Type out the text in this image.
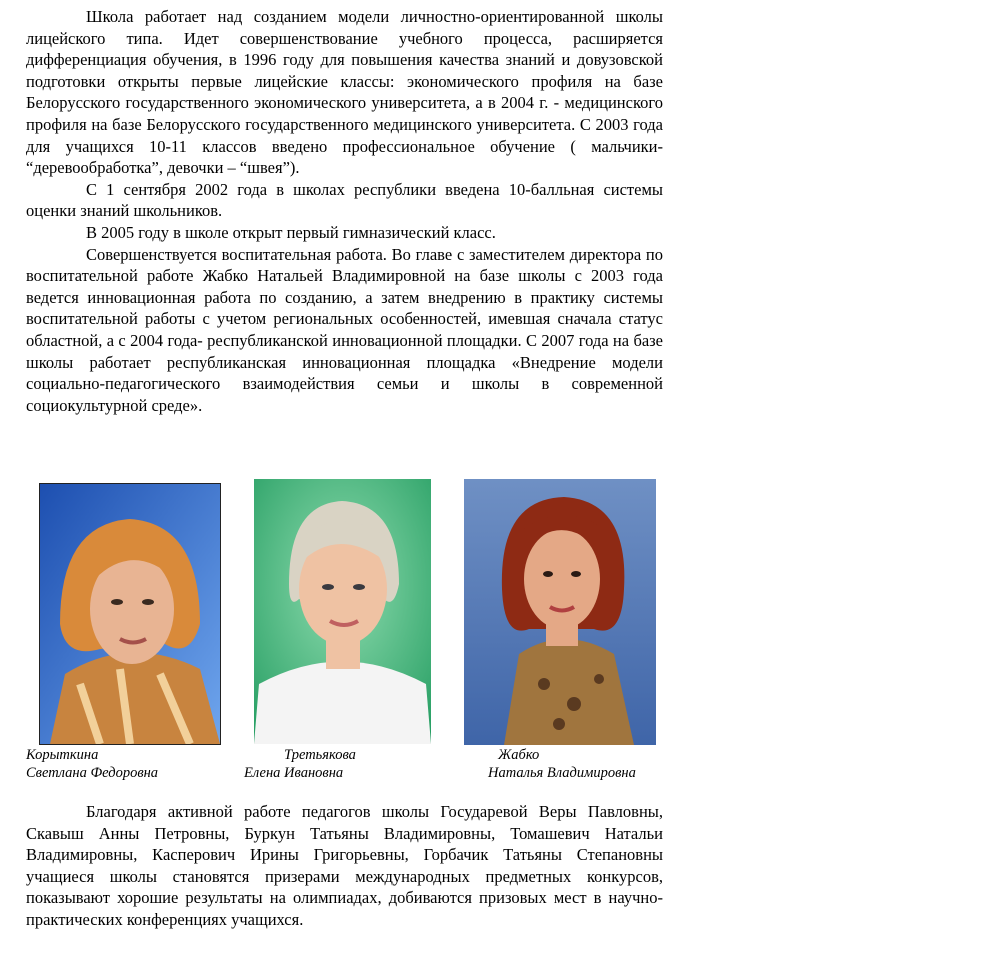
Школа работает над созданием модели личностно-ориентированной школы лицейского типа. Идет совершенствование учебного процесса, расширяется дифференциация обучения, в 1996 году для повышения качества знаний и довузовской подготовки открыты первые лицейские классы: экономического профиля на базе Белорусского государственного экономического университета, а в 2004 г. - медицинского профиля на базе Белорусского государственного медицинского университета. С 2003 года для учащихся 10-11 классов введено профессиональное обучение ( мальчики- “деревообработка”, девочки – “швея”).

С 1 сентября 2002 года в школах республики введена 10-балльная системы оценки знаний школьников.

В 2005 году в школе открыт первый гимназический класс.

Совершенствуется воспитательная работа. Во главе с заместителем директора по воспитательной работе Жабко Натальей Владимировной на базе школы с 2003 года ведется инновационная работа по созданию, а затем внедрению в практику системы воспитательной работы с учетом региональных особенностей, имевшая сначала статус областной, а с 2004 года- республиканской инновационной площадки. С 2007 года на базе школы работает республиканская инновационная площадка «Внедрение модели социально-педагогического взаимодействия семьи и школы в современной социокультурной среде».

Корыткина
Светлана Федоровна
Третьякова
Елена Ивановна
Жабко
Наталья Владимировна

Благодаря активной работе педагогов школы Государевой Веры Павловны, Скавыш Анны Петровны, Буркун Татьяны Владимировны, Томашевич Натальи Владимировны, Касперович Ирины Григорьевны, Горбачик Татьяны Степановны учащиеся школы становятся призерами международных предметных конкурсов, показывают хорошие результаты на олимпиадах, добиваются призовых мест в научно-практических конференциях учащихся.
